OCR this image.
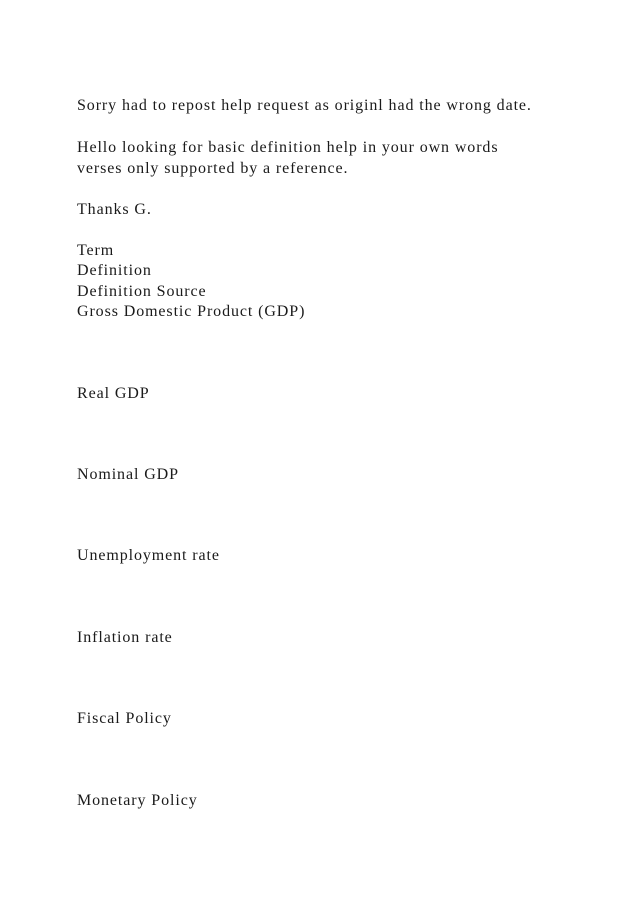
Sorry had to repost help request as originl had the wrong date.
Hello looking for basic definition help in your own words
verses only supported by a reference.
Thanks G.
Term
Definition
Definition Source
Gross Domestic Product (GDP)
Real GDP
Nominal GDP
Unemployment rate
Inflation rate
Fiscal Policy
Monetary Policy
